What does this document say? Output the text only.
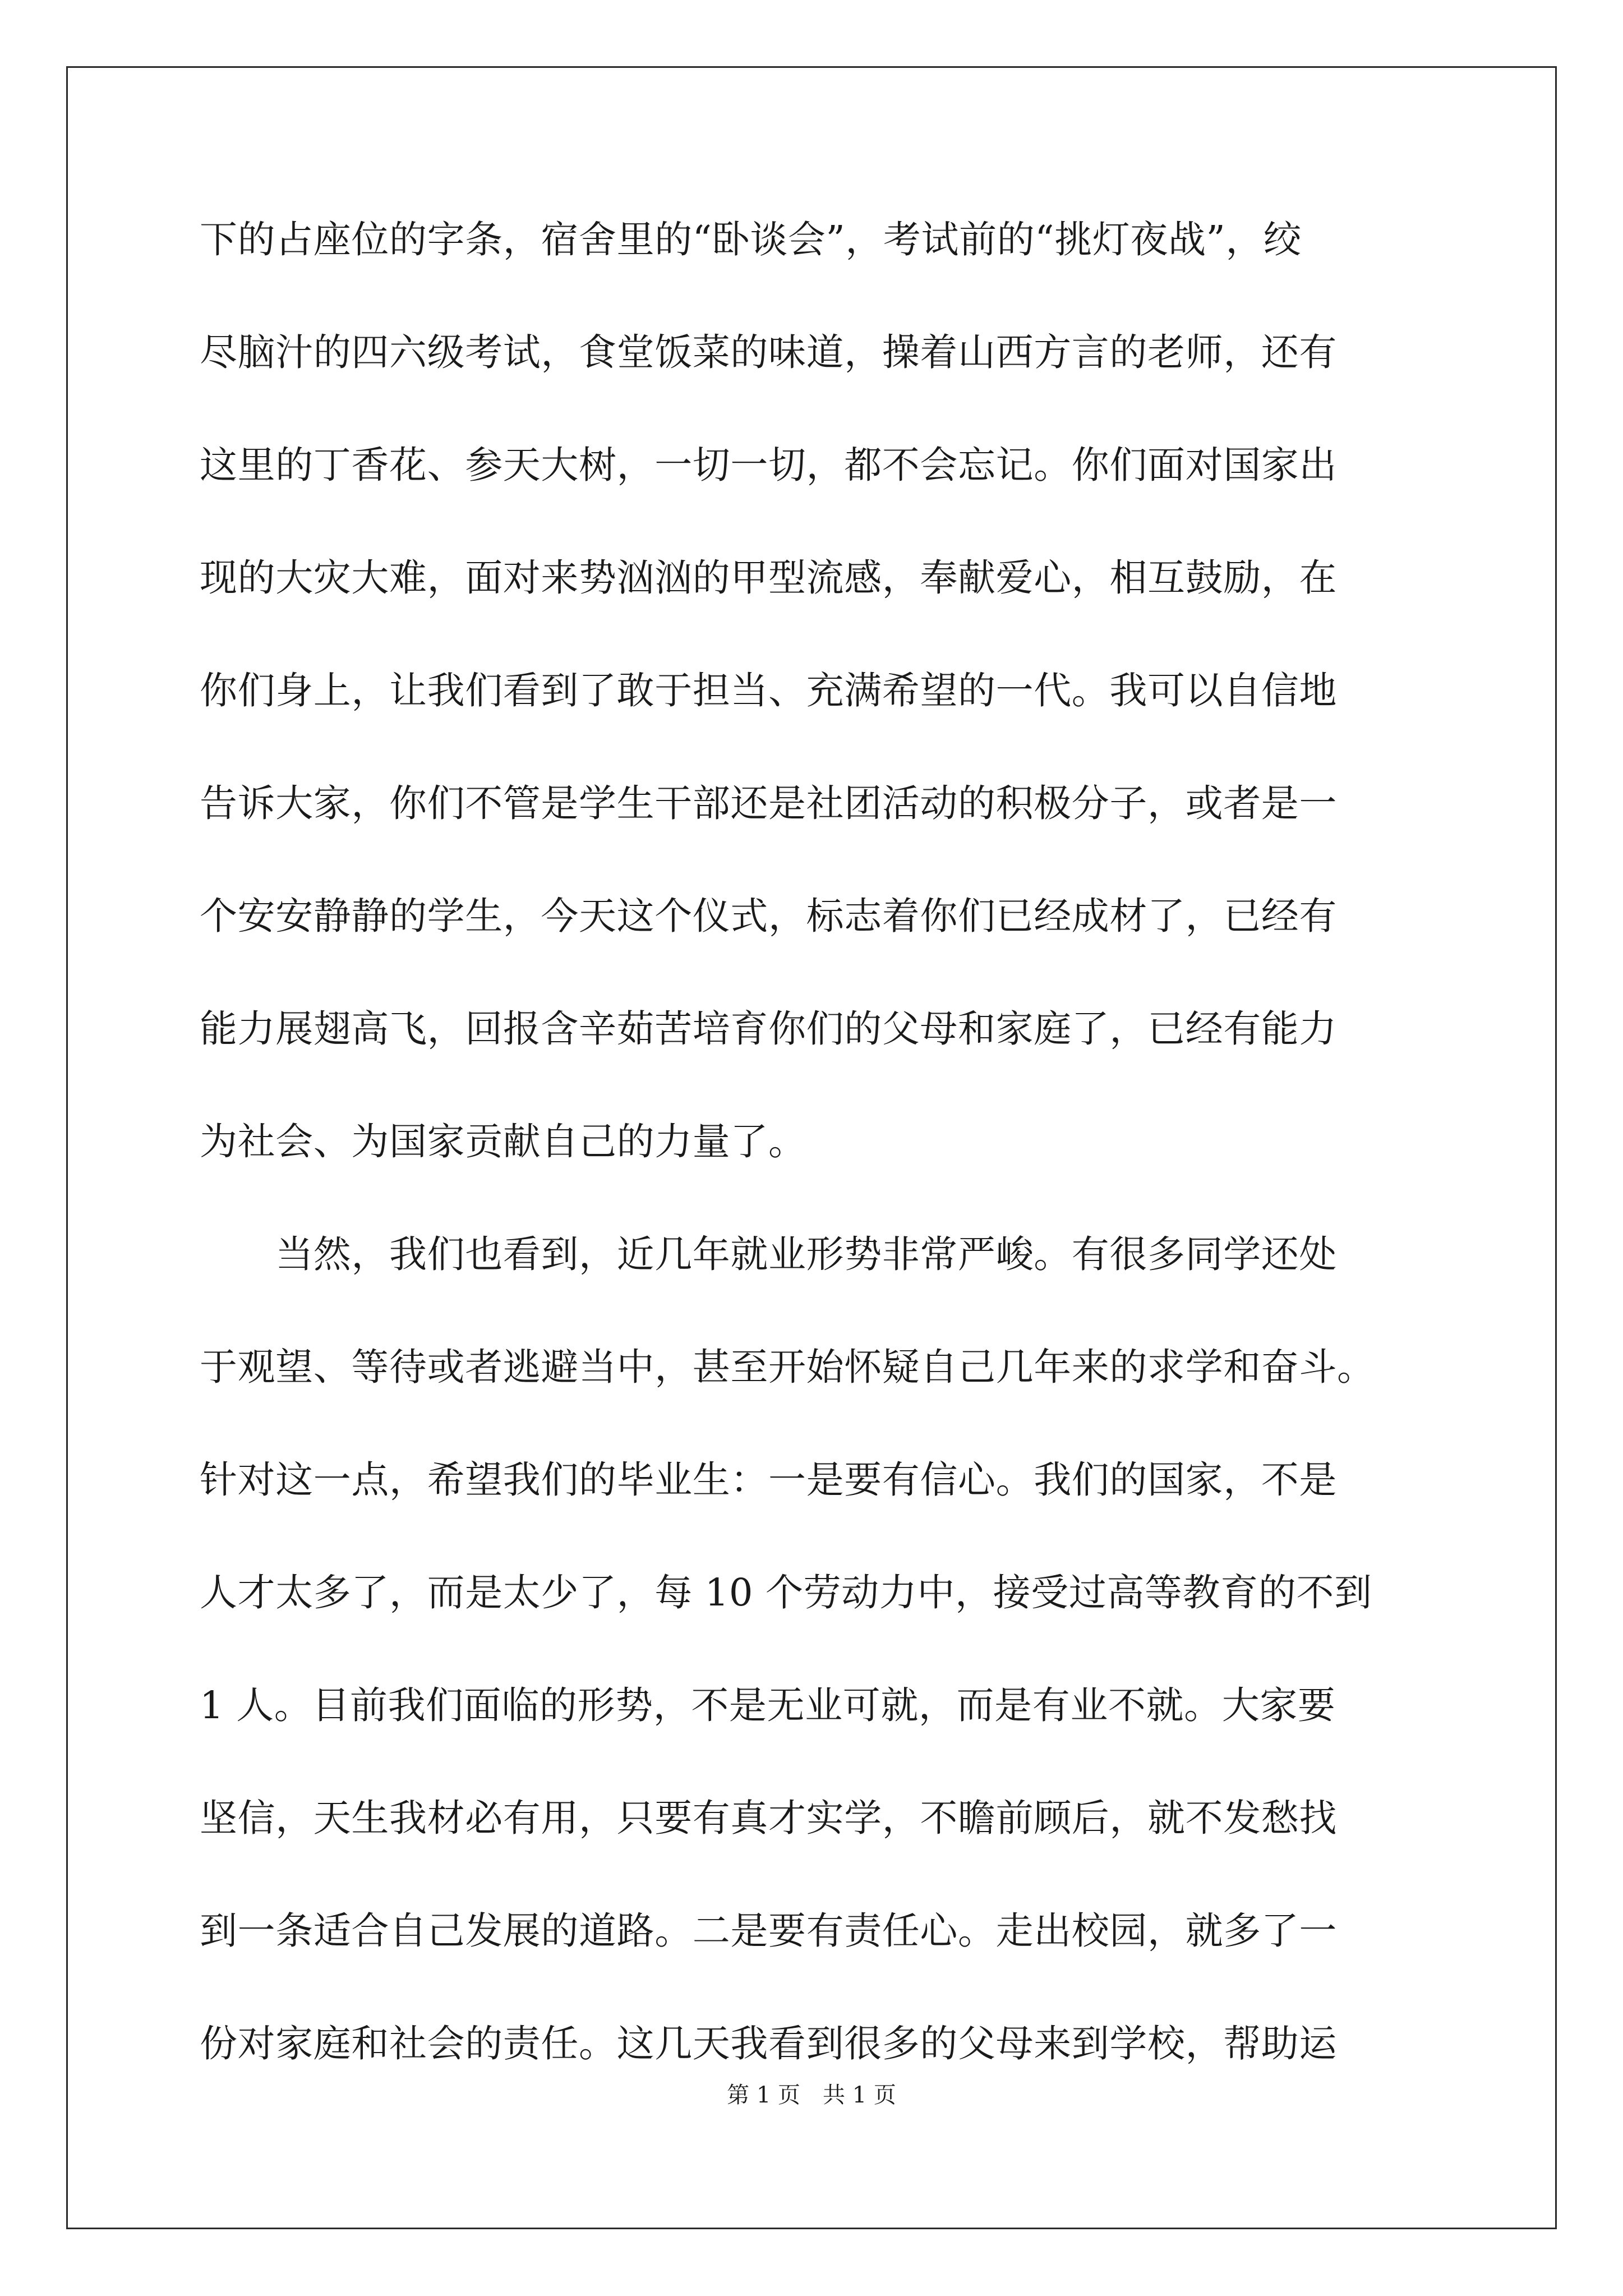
下的占座位的字条，宿舍里的“卧谈会”，考试前的“挑灯夜战”，绞
尽脑汁的四六级考试，食堂饭菜的味道，操着山西方言的老师，还有
这里的丁香花、参天大树，一切一切，都不会忘记。你们面对国家出
现的大灾大难，面对来势汹汹的甲型流感，奉献爱心，相互鼓励，在
你们身上，让我们看到了敢于担当、充满希望的一代。我可以自信地
告诉大家，你们不管是学生干部还是社团活动的积极分子，或者是一
个安安静静的学生，今天这个仪式，标志着你们已经成材了，已经有
能力展翅高飞，回报含辛茹苦培育你们的父母和家庭了，已经有能力
为社会、为国家贡献自己的力量了。
　　当然，我们也看到，近几年就业形势非常严峻。有很多同学还处
于观望、等待或者逃避当中，甚至开始怀疑自己几年来的求学和奋斗。
针对这一点，希望我们的毕业生：一是要有信心。我们的国家，不是
人才太多了，而是太少了，每 10 个劳动力中，接受过高等教育的不到
1 人。目前我们面临的形势，不是无业可就，而是有业不就。大家要
坚信，天生我材必有用，只要有真才实学，不瞻前顾后，就不发愁找
到一条适合自己发展的道路。二是要有责任心。走出校园，就多了一
份对家庭和社会的责任。这几天我看到很多的父母来到学校，帮助运
第 1 页　共 1 页
